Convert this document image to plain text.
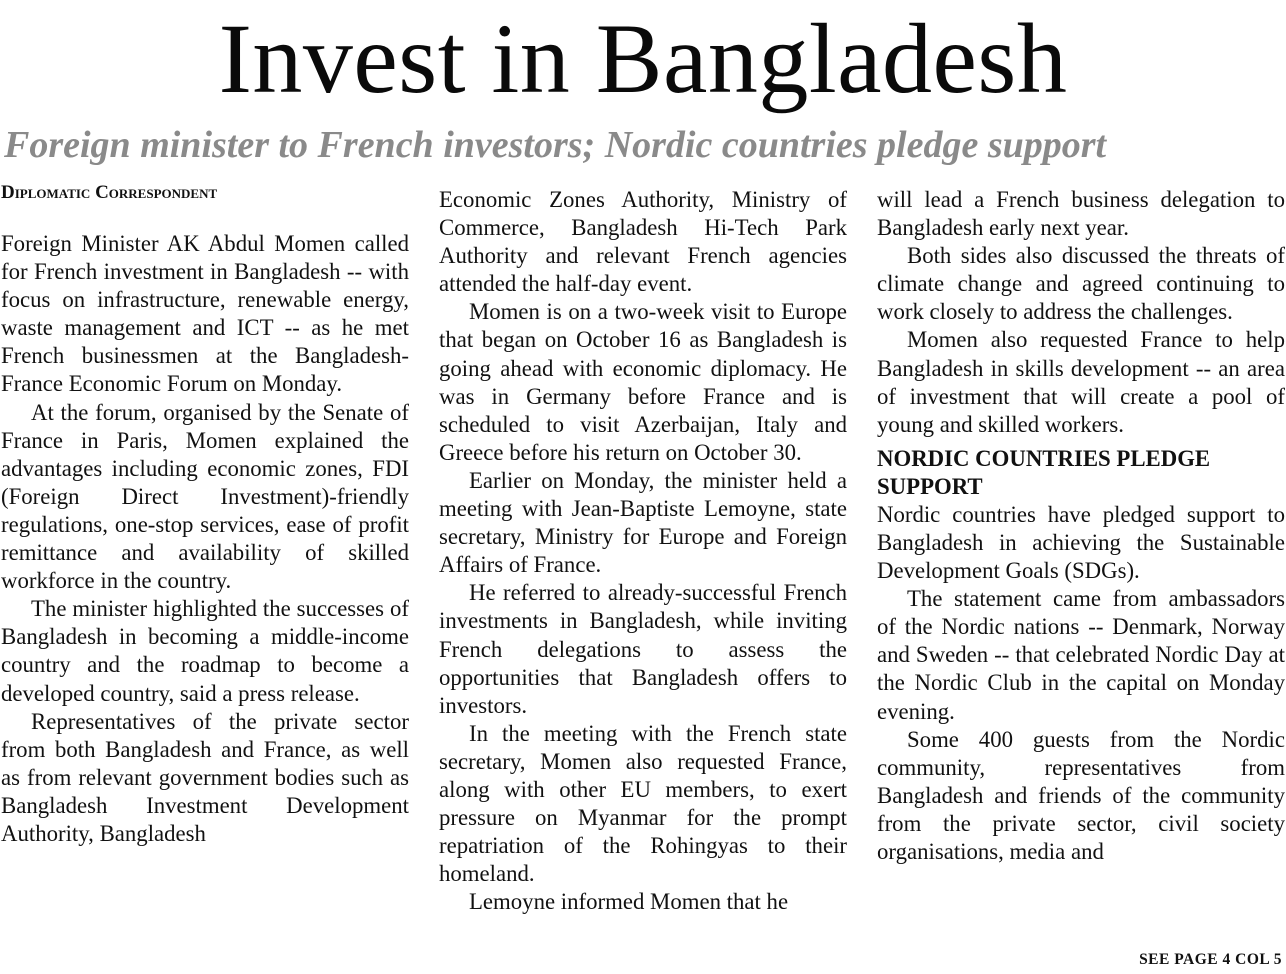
Invest in Bangladesh
Foreign minister to French investors; Nordic countries pledge support
Diplomatic Correspondent

Foreign Minister AK Abdul Momen called for French investment in Bangladesh -- with focus on infrastructure, renewable energy, waste management and ICT -- as he met French businessmen at the Bangladesh-France Economic Forum on Monday.

At the forum, organised by the Senate of France in Paris, Momen explained the advantages including economic zones, FDI (Foreign Direct Investment)-friendly regulations, one-stop services, ease of profit remittance and availability of skilled workforce in the country.

The minister highlighted the successes of Bangladesh in becoming a middle-income country and the roadmap to become a developed country, said a press release.

Representatives of the private sector from both Bangladesh and France, as well as from relevant government bodies such as Bangladesh Investment Development Authority, Bangladesh

Economic Zones Authority, Ministry of Commerce, Bangladesh Hi-Tech Park Authority and relevant French agencies attended the half-day event.

Momen is on a two-week visit to Europe that began on October 16 as Bangladesh is going ahead with economic diplomacy. He was in Germany before France and is scheduled to visit Azerbaijan, Italy and Greece before his return on October 30.

Earlier on Monday, the minister held a meeting with Jean-Baptiste Lemoyne, state secretary, Ministry for Europe and Foreign Affairs of France.

He referred to already-successful French investments in Bangladesh, while inviting French delegations to assess the opportunities that Bangladesh offers to investors.

In the meeting with the French state secretary, Momen also requested France, along with other EU members, to exert pressure on Myanmar for the prompt repatriation of the Rohingyas to their homeland.

Lemoyne informed Momen that he

will lead a French business delegation to Bangladesh early next year.

Both sides also discussed the threats of climate change and agreed continuing to work closely to address the challenges.

Momen also requested France to help Bangladesh in skills development -- an area of investment that will create a pool of young and skilled workers.

NORDIC COUNTRIES PLEDGE SUPPORT

Nordic countries have pledged support to Bangladesh in achieving the Sustainable Development Goals (SDGs).

The statement came from ambassadors of the Nordic nations -- Denmark, Norway and Sweden -- that celebrated Nordic Day at the Nordic Club in the capital on Monday evening.

Some 400 guests from the Nordic community, representatives from Bangladesh and friends of the community from the private sector, civil society organisations, media and

SEE PAGE 4 COL 5
